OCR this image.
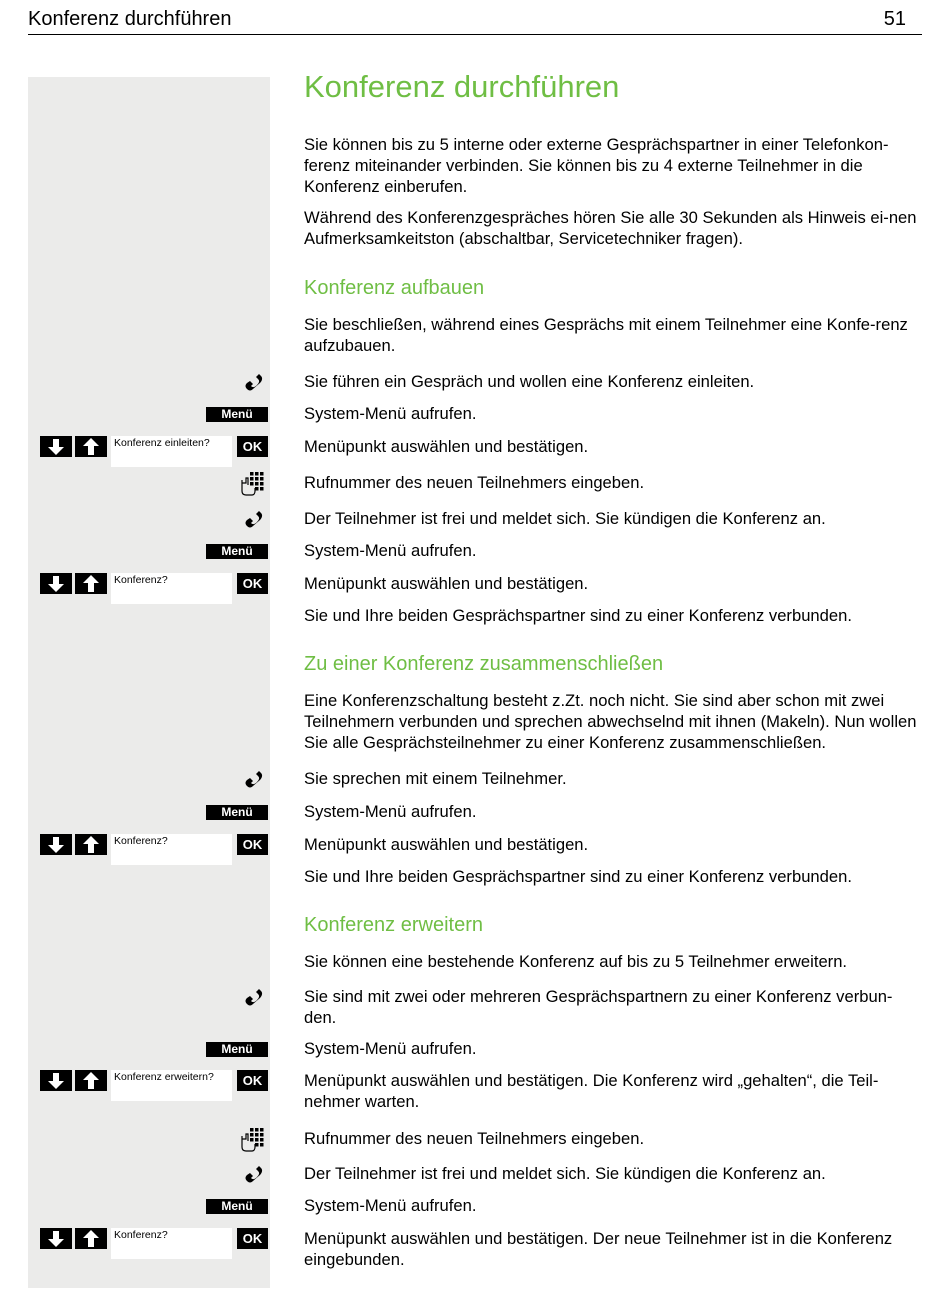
Konferenz durchführen	51
Konferenz durchführen
Sie können bis zu 5 interne oder externe Gesprächspartner in einer Telefonkon-ferenz miteinander verbinden. Sie können bis zu 4 externe Teilnehmer in die Konferenz einberufen.
Während des Konferenzgespräches hören Sie alle 30 Sekunden als Hinweis ei-nen Aufmerksamkeitston (abschaltbar, Servicetechniker fragen).
Konferenz aufbauen
Sie beschließen, während eines Gesprächs mit einem Teilnehmer eine Konfe-renz aufzubauen.
Sie führen ein Gespräch und wollen eine Konferenz einleiten.
Menü	System-Menü aufrufen.
Konferenz einleiten?	OK	Menüpunkt auswählen und bestätigen.
Rufnummer des neuen Teilnehmers eingeben.
Der Teilnehmer ist frei und meldet sich. Sie kündigen die Konferenz an.
Menü	System-Menü aufrufen.
Konferenz?	OK	Menüpunkt auswählen und bestätigen.
Sie und Ihre beiden Gesprächspartner sind zu einer Konferenz verbunden.
Zu einer Konferenz zusammenschließen
Eine Konferenzschaltung besteht z.Zt. noch nicht. Sie sind aber schon mit zwei Teilnehmern verbunden und sprechen abwechselnd mit ihnen (Makeln). Nun wollen Sie alle Gesprächsteilnehmer zu einer Konferenz zusammenschließen.
Sie sprechen mit einem Teilnehmer.
Menü	System-Menü aufrufen.
Konferenz?	OK	Menüpunkt auswählen und bestätigen.
Sie und Ihre beiden Gesprächspartner sind zu einer Konferenz verbunden.
Konferenz erweitern
Sie können eine bestehende Konferenz auf bis zu 5 Teilnehmer erweitern.
Sie sind mit zwei oder mehreren Gesprächspartnern zu einer Konferenz verbun-den.
Menü	System-Menü aufrufen.
Konferenz erweitern?	OK	Menüpunkt auswählen und bestätigen. Die Konferenz wird „gehalten“, die Teil-nehmer warten.
Rufnummer des neuen Teilnehmers eingeben.
Der Teilnehmer ist frei und meldet sich. Sie kündigen die Konferenz an.
Menü	System-Menü aufrufen.
Konferenz?	OK	Menüpunkt auswählen und bestätigen. Der neue Teilnehmer ist in die Konferenz eingebunden.
